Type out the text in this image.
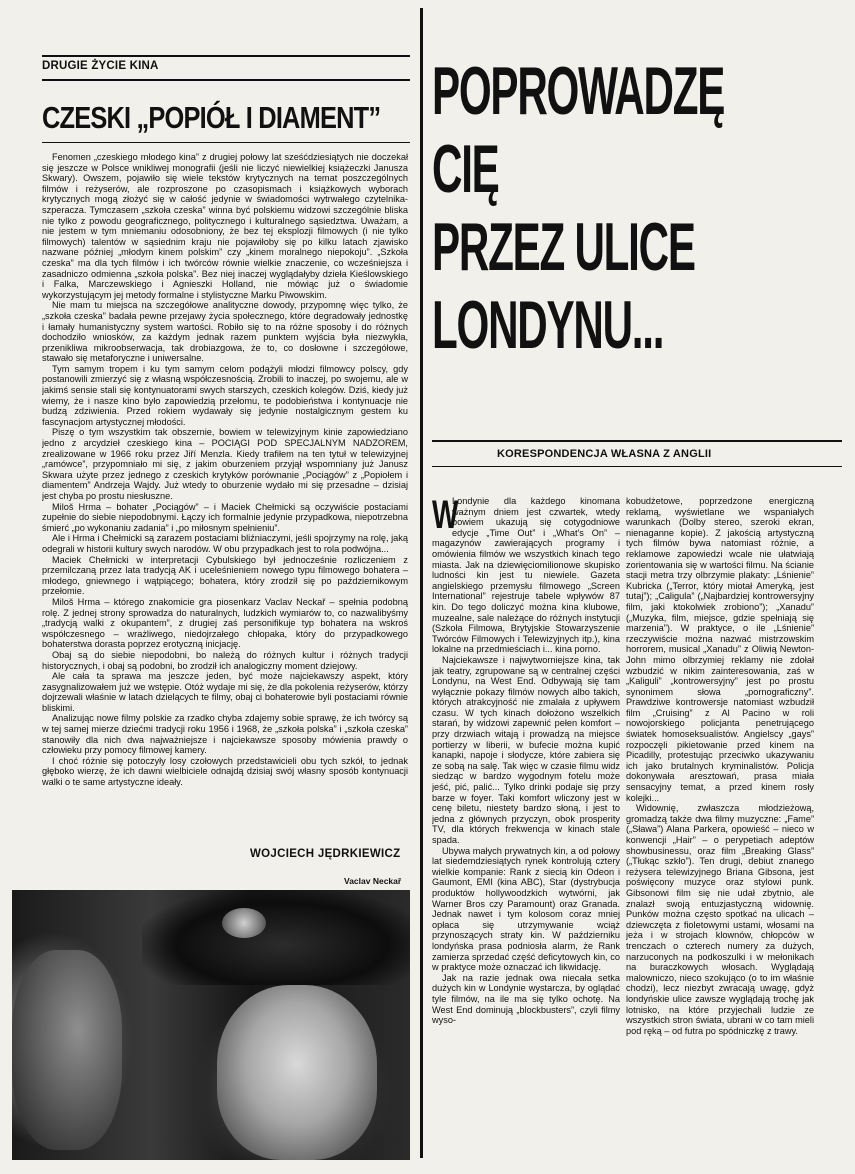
DRUGIE ŻYCIE KINA
CZESKI „POPIÓŁ I DIAMENT”

Fenomen „czeskiego młodego kina” z drugiej połowy lat sześćdziesiątych nie doczekał się jeszcze w Polsce wnikliwej monografii (jeśli nie liczyć niewielkiej książeczki Janusza Skwary). Owszem, pojawiło się wiele tekstów krytycznych na temat poszczególnych filmów i reżyserów, ale rozproszone po czasopismach i książkowych wyborach krytycznych mogą złożyć się w całość jedynie w świadomości wytrwałego czytelnika-szperacza. Tymczasem „szkoła czeska” winna być polskiemu widzowi szczególnie bliska nie tylko z powodu geograficznego, politycznego i kulturalnego sąsiedztwa. Uważam, a nie jestem w tym mniemaniu odosobniony, że bez tej eksplozji filmowych (i nie tylko filmowych) talentów w sąsiednim kraju nie pojawiłoby się po kilku latach zjawisko nazwane później „młodym kinem polskim” czy „kinem moralnego niepokoju”. „Szkoła czeska” ma dla tych filmów i ich twórców równie wielkie znaczenie, co wcześniejsza i zasadniczo odmienna „szkoła polska”. Bez niej inaczej wyglądałyby dzieła Kieślowskiego i Falka, Marczewskiego i Agnieszki Holland, nie mówiąc już o świadomie wykorzystującym jej metody formalne i stylistyczne Marku Piwowskim.

Nie mam tu miejsca na szczegółowe analityczne dowody, przypomnę więc tylko, że „szkoła czeska” badała pewne przejawy życia społecznego, które degradowały jednostkę i łamały humanistyczny system wartości. Robiło się to na różne sposoby i do różnych dochodziło wniosków, za każdym jednak razem punktem wyjścia była niezwykła, przenikliwa mikroobserwacja, tak drobiazgowa, że to, co dosłowne i szczegółowe, stawało się metaforyczne i uniwersalne.

Tym samym tropem i ku tym samym celom podążyli młodzi filmowcy polscy, gdy postanowili zmierzyć się z własną współczesnością. Zrobili to inaczej, po swojemu, ale w jakimś sensie stali się kontynuatorami swych starszych, czeskich kolegów. Dziś, kiedy już wiemy, że i nasze kino było zapowiedzią przełomu, te podobieństwa i kontynuacje nie budzą zdziwienia. Przed rokiem wydawały się jedynie nostalgicznym gestem ku fascynacjom artystycznej młodości.

Piszę o tym wszystkim tak obszernie, bowiem w telewizyjnym kinie zapowiedziano jedno z arcydzieł czeskiego kina – POCIĄGI POD SPECJALNYM NADZOREM, zrealizowane w 1966 roku przez Jiří Menzla. Kiedy trafiłem na ten tytuł w telewizyjnej „ramówce”, przypomniało mi się, z jakim oburzeniem przyjął wspomniany już Janusz Skwara użyte przez jednego z czeskich krytyków porównanie „Pociągów” z „Popiołem i diamentem” Andrzeja Wajdy. Już wtedy to oburzenie wydało mi się przesadne – dzisiaj jest chyba po prostu niesłuszne.

Miloš Hrma – bohater „Pociągów” – i Maciek Chełmicki są oczywiście postaciami zupełnie do siebie niepodobnymi. Łączy ich formalnie jedynie przypadkowa, niepotrzebna śmierć „po wykonaniu zadania” i „po miłosnym spełnieniu”.

Ale i Hrma i Chełmicki są zarazem postaciami bliźniaczymi, jeśli spojrzymy na rolę, jaką odegrali w historii kultury swych narodów. W obu przypadkach jest to rola podwójna...

Maciek Chełmicki w interpretacji Cybulskiego był jednocześnie rozliczeniem z przemilczaną przez lata tradycją AK i uceleśnieniem nowego typu filmowego bohatera – młodego, gniewnego i wątpiącego; bohatera, który zrodził się po październikowym przełomie.

Miloš Hrma – którego znakomicie gra piosenkarz Vaclav Neckař – spełnia podobną rolę. Z jednej strony sprowadza do naturalnych, ludzkich wymiarów to, co nazwalibyśmy „tradycją walki z okupantem”, z drugiej zaś personifikuje typ bohatera na wskroś współczesnego – wrażliwego, niedojrzałego chłopaka, który do przypadkowego bohaterstwa dorasta poprzez erotyczną inicjację.

Obaj są do siebie niepodobni, bo należą do różnych kultur i różnych tradycji historycznych, i obaj są podobni, bo zrodził ich analogiczny moment dziejowy.

Ale cała ta sprawa ma jeszcze jeden, być może najciekawszy aspekt, który zasygnalizowałem już we wstępie. Otóż wydaje mi się, że dla pokolenia reżyserów, którzy dojrzewali właśnie w latach dzielących te filmy, obaj ci bohaterowie byli postaciami równie bliskimi.

Analizując nowe filmy polskie za rzadko chyba zdajemy sobie sprawę, że ich twórcy są w tej samej mierze dziećmi tradycji roku 1956 i 1968, że „szkoła polska” i „szkoła czeska” stanowiły dla nich dwa najważniejsze i najciekawsze sposoby mówienia prawdy o człowieku przy pomocy filmowej kamery.

I choć różnie się potoczyły losy czołowych przedstawicieli obu tych szkół, to jednak głęboko wierzę, że ich dawni wielbiciele odnajdą dzisiaj swój własny sposób kontynuacji walki o te same artystyczne ideały.

WOJCIECH JĘDRKIEWICZ
Vaclav Neckař
POPROWADZĘ
CIĘ
PRZEZ ULICE
LONDYNU...
KORESPONDENCJA WŁASNA Z ANGLII

W
Londynie dla każdego kinomana ważnym dniem jest czwartek, wtedy bowiem ukazują się cotygodniowe edycje „Time Out” i „What's On” – magazynów zawierających programy i omówienia filmów we wszystkich kinach tego miasta. Jak na dziewięciomilionowe skupisko ludności kin jest tu niewiele. Gazeta angielskiego przemysłu filmowego „Screen International” rejestruje tabele wpływów 87 kin. Do tego doliczyć można kina klubowe, muzealne, sale należące do różnych instytucji (Szkoła Filmowa, Brytyjskie Stowarzyszenie Twórców Filmowych i Telewizyjnych itp.), kina lokalne na przedmieściach i... kina porno.

Najciekawsze i najwytworniejsze kina, tak jak teatry, zgrupowane są w centralnej części Londynu, na West End. Odbywają się tam wyłącznie pokazy filmów nowych albo takich, których atrakcyjność nie zmalała z upływem czasu. W tych kinach dołożono wszelkich starań, by widzowi zapewnić pełen komfort – przy drzwiach witają i prowadzą na miejsce portierzy w liberii, w bufecie można kupić kanapki, napoje i słodycze, które zabiera się ze sobą na salę. Tak więc w czasie filmu widz siedząc w bardzo wygodnym fotelu może jeść, pić, palić... Tylko drinki podaje się przy barze w foyer. Taki komfort wliczony jest w cenę biletu, niestety bardzo słoną, i jest to jedna z głównych przyczyn, obok prosperity TV, dla których frekwencja w kinach stale spada.

Ubywa małych prywatnych kin, a od połowy lat siedemdziesiątych rynek kontrolują cztery wielkie kompanie: Rank z siecią kin Odeon i Gaumont, EMI (kina ABC), Star (dystrybucja produktów hollywoodzkich wytwórni, jak Warner Bros czy Paramount) oraz Granada. Jednak nawet i tym kolosom coraz mniej opłaca się utrzymywanie wciąż przynoszących straty kin. W październiku londyńska prasa podniosła alarm, że Rank zamierza sprzedać część deficytowych kin, co w praktyce może oznaczać ich likwidację.

Jak na razie jednak owa niecała setka dużych kin w Londynie wystarcza, by oglądać tyle filmów, na ile ma się tylko ochotę. Na West End dominują „blockbusters”, czyli filmy wyso-

kobudżetowe, poprzedzone energiczną reklamą, wyświetlane we wspaniałych warunkach (Dolby stereo, szeroki ekran, nienaganne kopie). Z jakością artystyczną tych filmów bywa natomiast różnie, a reklamowe zapowiedzi wcale nie ułatwiają zorientowania się w wartości filmu. Na ścianie stacji metra trzy olbrzymie plakaty: „Lśnienie” Kubricka („Terror, który miotał Ameryką, jest tutaj”); „Caligula” („Najbardziej kontrowersyjny film, jaki ktokolwiek zrobiono”); „Xanadu” („Muzyka, film, miejsce, gdzie spełniają się marzenia”). W praktyce, o ile „Lśnienie” rzeczywiście można nazwać mistrzowskim horrorem, musical „Xanadu” z Oliwią Newton-John mimo olbrzymiej reklamy nie zdołał wzbudzić w nikim zainteresowania, zaś w „Kaliguli” „kontrowersyjny” jest po prostu synonimem słowa „pornograficzny”. Prawdziwe kontrowersje natomiast wzbudził film „Cruising” z Al Pacino w roli nowojorskiego policjanta penetrującego światek homoseksualistów. Angielscy „gays” rozpoczęli pikietowanie przed kinem na Picadilly, protestując przeciwko ukazywaniu ich jako brutalnych kryminalistów. Policja dokonywała aresztowań, prasa miała sensacyjny temat, a przed kinem rosły kolejki...

Widownię, zwłaszcza młodzieżową, gromadzą także dwa filmy muzyczne: „Fame” („Sława”) Alana Parkera, opowieść – nieco w konwencji „Hair” – o perypetiach adeptów showbusinessu, oraz film „Breaking Glass” („Tłukąc szkło”). Ten drugi, debiut znanego reżysera telewizyjnego Briana Gibsona, jest poświęcony muzyce oraz stylowi punk. Gibsonowi film się nie udał zbytnio, ale znalazł swoją entuzjastyczną widownię. Punków można często spotkać na ulicach – dziewczęta z fioletowymi ustami, włosami na jeża i w strojach klownów, chłopców w trenczach o czterech numery za dużych, narzuconych na podkoszulki i w mełonikach na buraczkowych włosach. Wyglądają malowniczo, nieco szokująco (o to im właśnie chodzi), lecz niezbyt zwracają uwagę, gdyż londyńskie ulice zawsze wyglądają trochę jak lotnisko, na które przyjechali ludzie ze wszystkich stron świata, ubrani w co tam mieli pod ręką – od futra po spódniczkę z trawy.
